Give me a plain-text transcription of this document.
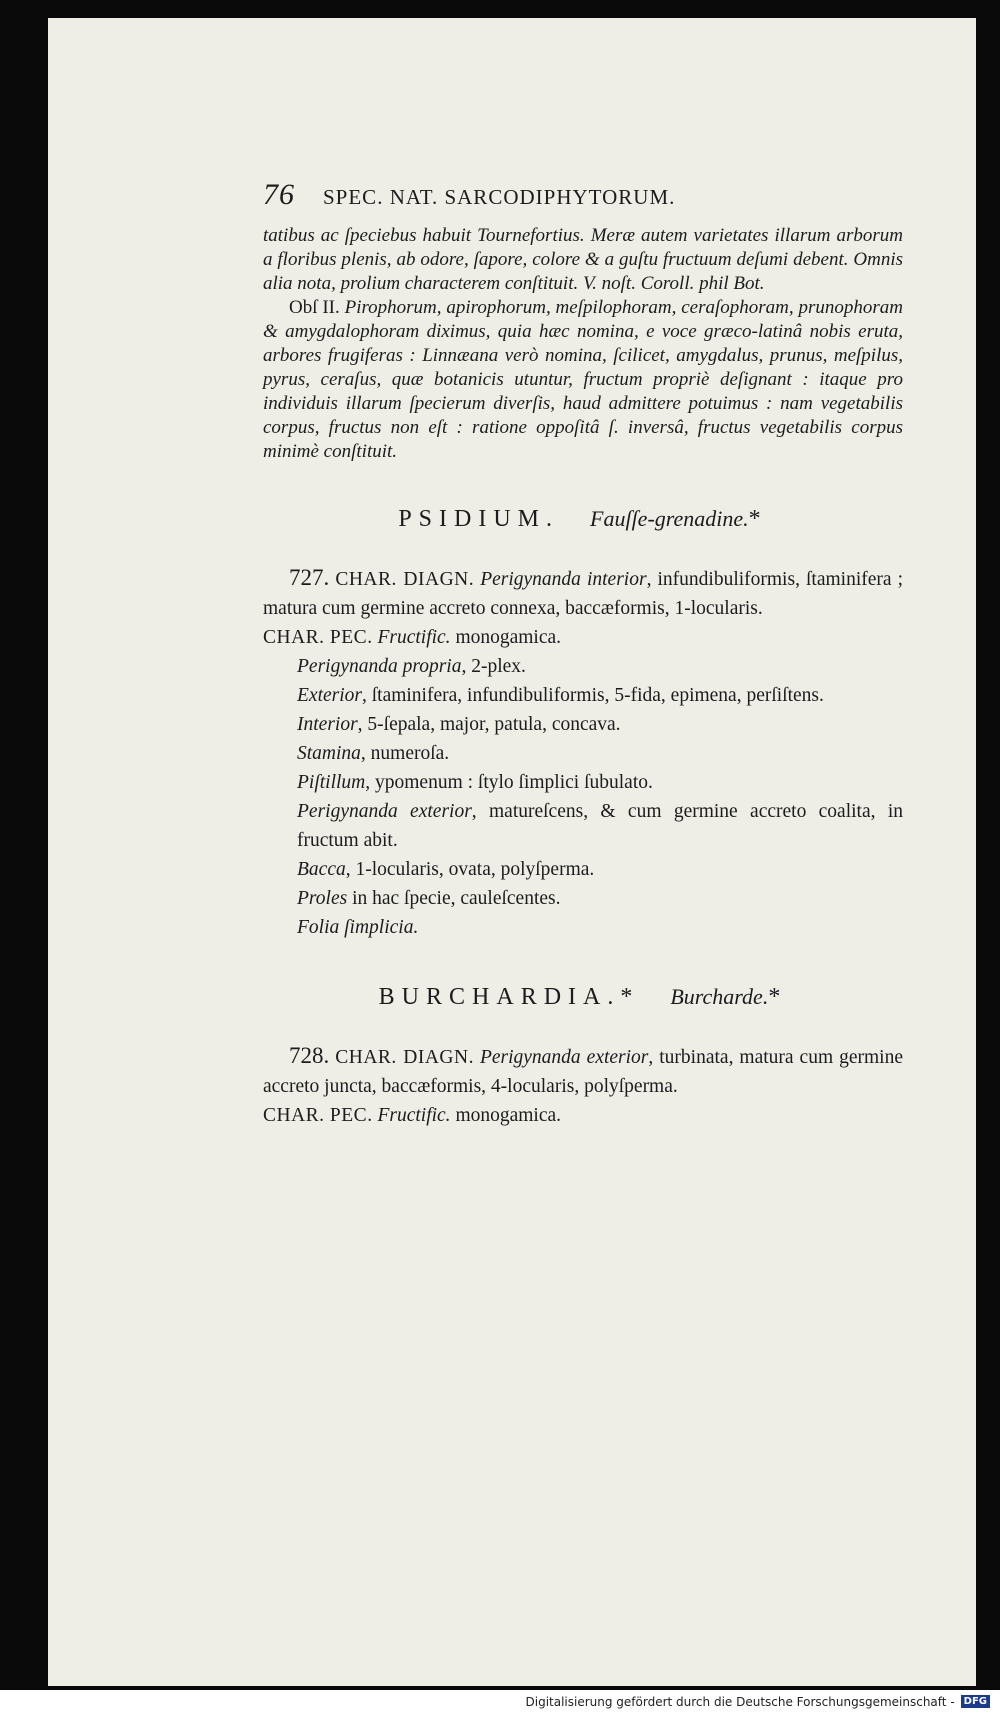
76 SPEC. NAT. SARCODIPHYTORUM.

tatibus ac ſpeciebus habuit Tournefortius. Meræ autem varietates illarum arborum a floribus plenis, ab odore, ſapore, colore & a guſtu fructuum deſumi debent. Omnis alia nota, prolium characterem conſtituit. V. noſt. Coroll. phil Bot.

Obſ II. Pirophorum, apirophorum, meſpilophoram, ceraſophoram, prunophoram & amygdalophoram diximus, quia hæc nomina, e voce græco-latinâ nobis eruta, arbores frugiferas : Linnæana verò nomina, ſcilicet, amygdalus, prunus, meſpilus, pyrus, ceraſus, quæ botanicis utuntur, fructum propriè deſignant : itaque pro individuis illarum ſpecierum diverſis, haud admittere potuimus : nam vegetabilis corpus, fructus non eſt : ratione oppoſitâ ſ. inversâ, fructus vegetabilis corpus minimè conſtituit.

PSIDIUM. Fauſſe-grenadine.*

727. CHAR. DIAGN. Perigynanda interior, infundibuliformis, ſtaminifera ; matura cum germine accreto connexa, baccæformis, 1-locularis.

CHAR. PEC. Fructific. monogamica.

Perigynanda propria, 2-plex.

Exterior, ſtaminifera, infundibuliformis, 5-fida, epimena, perſiſtens.

Interior, 5-ſepala, major, patula, concava.

Stamina, numeroſa.

Piſtillum, ypomenum : ſtylo ſimplici ſubulato.

Perigynanda exterior, matureſcens, & cum germine accreto coalita, in fructum abit.

Bacca, 1-locularis, ovata, polyſperma.

Proles in hac ſpecie, cauleſcentes.

Folia ſimplicia.

BURCHARDIA.* Burcharde.*

728. CHAR. DIAGN. Perigynanda exterior, turbinata, matura cum germine accreto juncta, baccæformis, 4-locularis, polyſperma.

CHAR. PEC. Fructific. monogamica.

Digitalisierung gefördert durch die Deutsche Forschungsgemeinschaft - DFG
